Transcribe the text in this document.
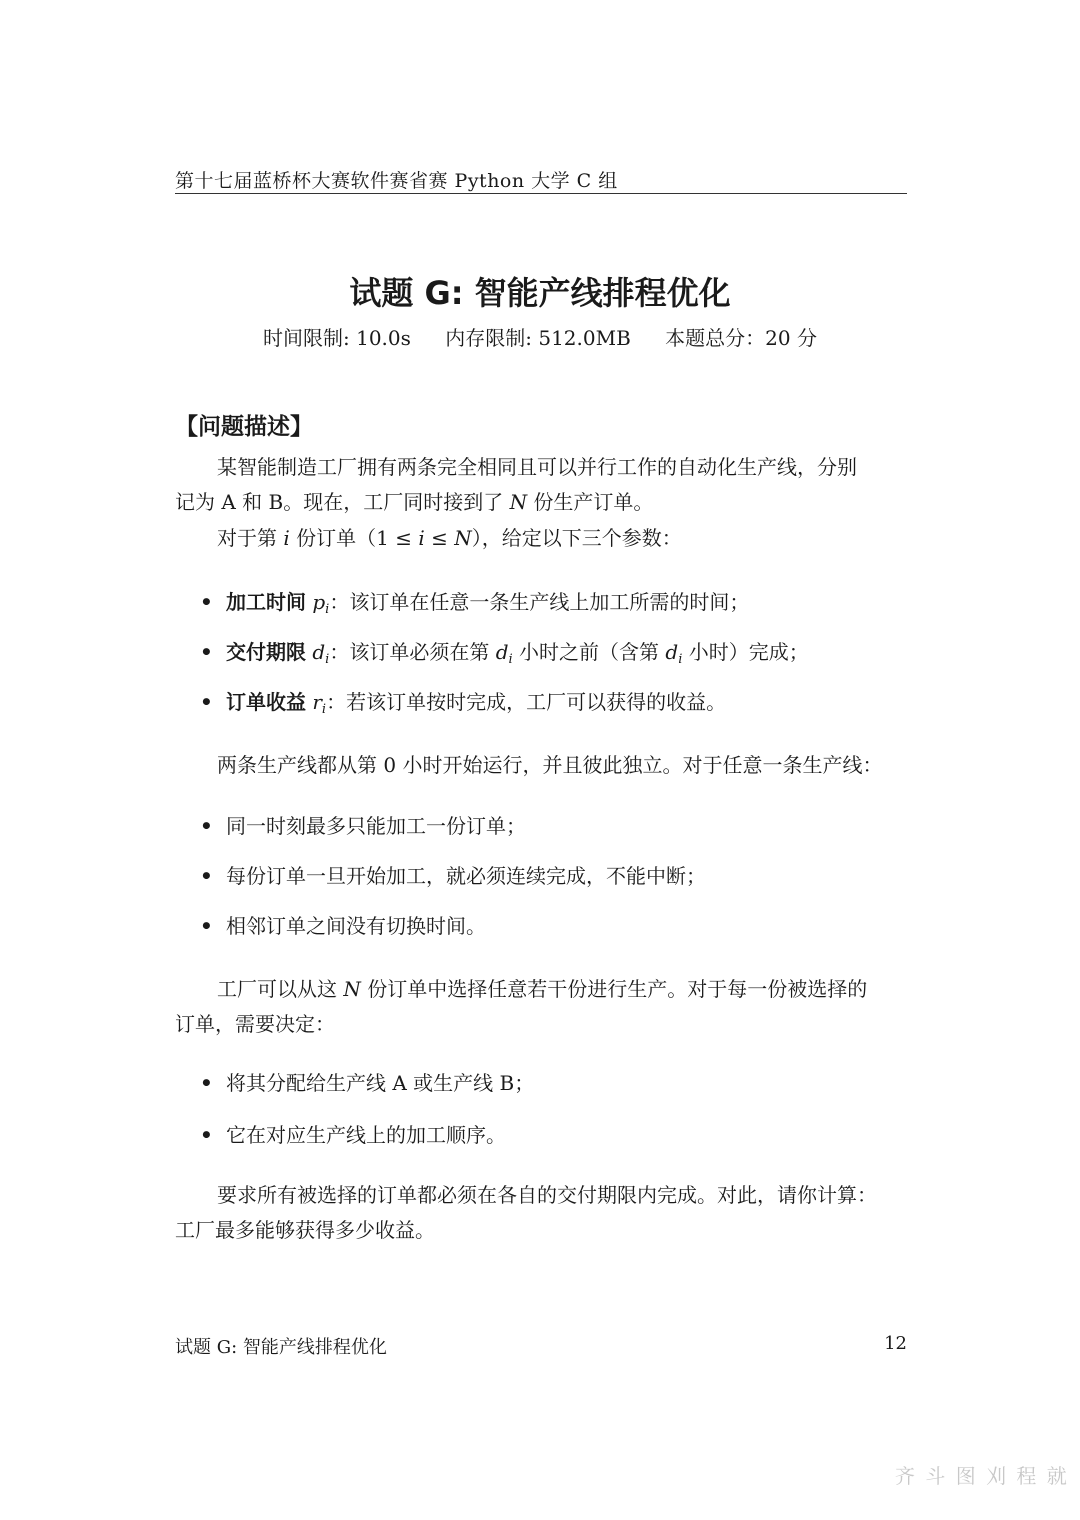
第十七届蓝桥杯大赛软件赛省赛 Python 大学 C 组
试题 G: 智能产线排程优化
时间限制: 10.0s 内存限制: 512.0MB 本题总分：20 分
【问题描述】
某智能制造工厂拥有两条完全相同且可以并行工作的自动化生产线，分别
记为 A 和 B。现在，工厂同时接到了 N 份生产订单。
对于第 i 份订单（1 ≤ i ≤ N），给定以下三个参数：
• 加工时间 $p_i$：该订单在任意一条生产线上加工所需的时间；
• 交付期限 $d_i$：该订单必须在第 $d_i$ 小时之前（含第 $d_i$ 小时）完成；
• 订单收益 $r_i$：若该订单按时完成，工厂可以获得的收益。
两条生产线都从第 0 小时开始运行，并且彼此独立。对于任意一条生产线：
• 同一时刻最多只能加工一份订单；
• 每份订单一旦开始加工，就必须连续完成，不能中断；
• 相邻订单之间没有切换时间。
工厂可以从这 N 份订单中选择任意若干份进行生产。对于每一份被选择的
订单，需要决定：
• 将其分配给生产线 A 或生产线 B；
• 它在对应生产线上的加工顺序。
要求所有被选择的订单都必须在各自的交付期限内完成。对此，请你计算：
工厂最多能够获得多少收益。
试题 G: 智能产线排程优化	12
齐 斗 图 刈 程 就
